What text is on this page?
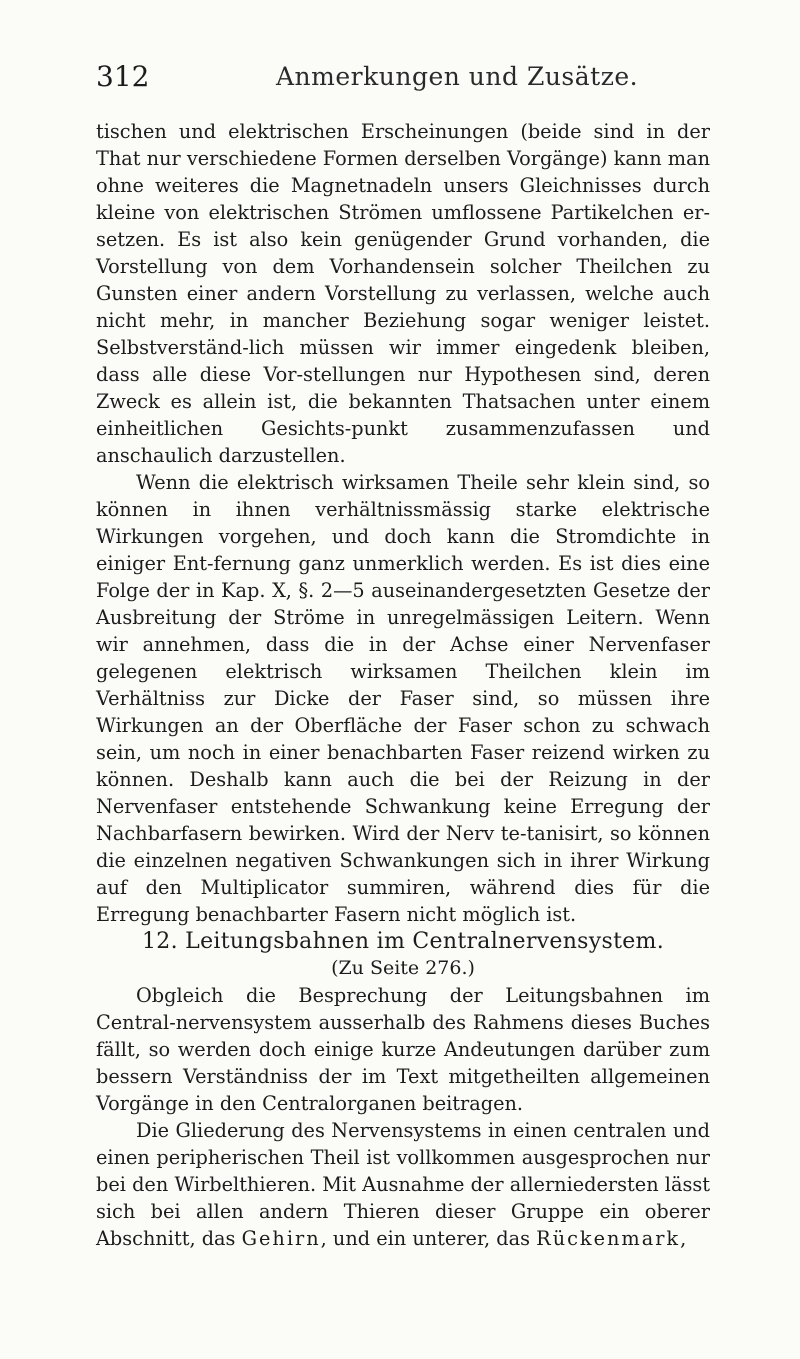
312	Anmerkungen und Zusätze.

tischen und elektrischen Erscheinungen (beide sind in der That nur verschiedene Formen derselben Vorgänge) kann man ohne weiteres die Magnetnadeln unsers Gleichnisses durch kleine von elektrischen Strömen umflossene Partikelchen er-setzen. Es ist also kein genügender Grund vorhanden, die Vorstellung von dem Vorhandensein solcher Theilchen zu Gunsten einer andern Vorstellung zu verlassen, welche auch nicht mehr, in mancher Beziehung sogar weniger leistet. Selbstverständ-lich müssen wir immer eingedenk bleiben, dass alle diese Vor-stellungen nur Hypothesen sind, deren Zweck es allein ist, die bekannten Thatsachen unter einem einheitlichen Gesichts-punkt zusammenzufassen und anschaulich darzustellen.

Wenn die elektrisch wirksamen Theile sehr klein sind, so können in ihnen verhältnissmässig starke elektrische Wirkungen vorgehen, und doch kann die Stromdichte in einiger Ent-fernung ganz unmerklich werden. Es ist dies eine Folge der in Kap. X, §. 2—5 auseinandergesetzten Gesetze der Ausbreitung der Ströme in unregelmässigen Leitern. Wenn wir annehmen, dass die in der Achse einer Nervenfaser gelegenen elektrisch wirksamen Theilchen klein im Verhältniss zur Dicke der Faser sind, so müssen ihre Wirkungen an der Oberfläche der Faser schon zu schwach sein, um noch in einer benachbarten Faser reizend wirken zu können. Deshalb kann auch die bei der Reizung in der Nervenfaser entstehende Schwankung keine Erregung der Nachbarfasern bewirken. Wird der Nerv te-tanisirt, so können die einzelnen negativen Schwankungen sich in ihrer Wirkung auf den Multiplicator summiren, während dies für die Erregung benachbarter Fasern nicht möglich ist.

12. Leitungsbahnen im Centralnervensystem.

(Zu Seite 276.)

Obgleich die Besprechung der Leitungsbahnen im Central-nervensystem ausserhalb des Rahmens dieses Buches fällt, so werden doch einige kurze Andeutungen darüber zum bessern Verständniss der im Text mitgetheilten allgemeinen Vorgänge in den Centralorganen beitragen.

Die Gliederung des Nervensystems in einen centralen und einen peripherischen Theil ist vollkommen ausgesprochen nur bei den Wirbelthieren. Mit Ausnahme der allerniedersten lässt sich bei allen andern Thieren dieser Gruppe ein oberer Abschnitt, das Gehirn, und ein unterer, das Rückenmark,
